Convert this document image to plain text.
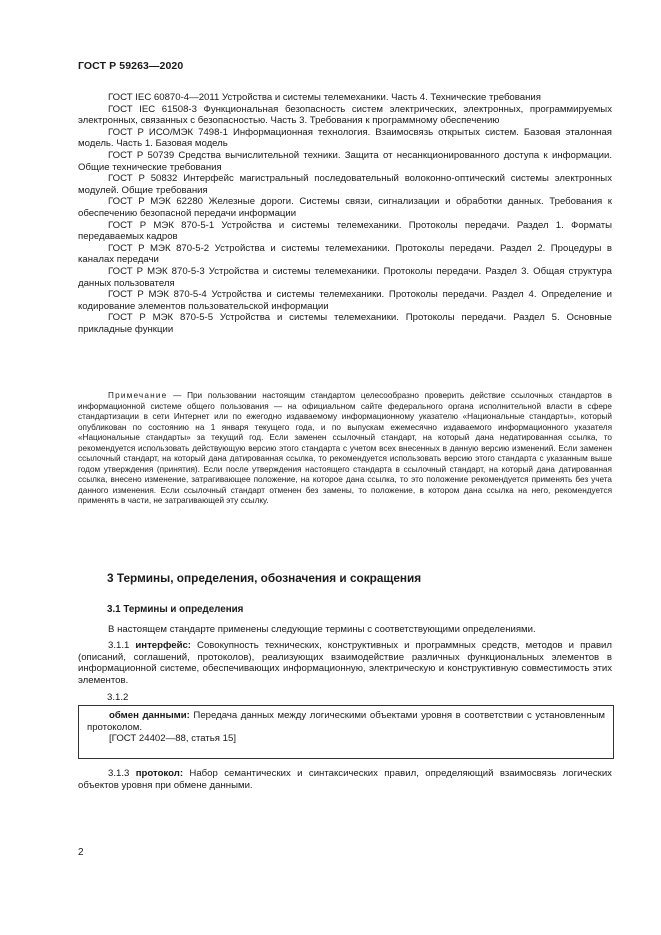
ГОСТ Р 59263—2020

ГОСТ IEC 60870-4—2011 Устройства и системы телемеханики. Часть 4. Технические требования

ГОСТ IEC 61508-3 Функциональная безопасность систем электрических, электронных, программируемых электронных, связанных с безопасностью. Часть 3. Требования к программному обеспечению

ГОСТ Р ИСО/МЭК 7498-1 Информационная технология. Взаимосвязь открытых систем. Базовая эталонная модель. Часть 1. Базовая модель

ГОСТ Р 50739 Средства вычислительной техники. Защита от несанкционированного доступа к информации. Общие технические требования

ГОСТ Р 50832 Интерфейс магистральный последовательный волоконно-оптический системы электронных модулей. Общие требования

ГОСТ Р МЭК 62280 Железные дороги. Системы связи, сигнализации и обработки данных. Требования к обеспечению безопасной передачи информации

ГОСТ Р МЭК 870-5-1 Устройства и системы телемеханики. Протоколы передачи. Раздел 1. Форматы передаваемых кадров

ГОСТ Р МЭК 870-5-2 Устройства и системы телемеханики. Протоколы передачи. Раздел 2. Процедуры в каналах передачи

ГОСТ Р МЭК 870-5-3 Устройства и системы телемеханики. Протоколы передачи. Раздел 3. Общая структура данных пользователя

ГОСТ Р МЭК 870-5-4 Устройства и системы телемеханики. Протоколы передачи. Раздел 4. Определение и кодирование элементов пользовательской информации

ГОСТ Р МЭК 870-5-5 Устройства и системы телемеханики. Протоколы передачи. Раздел 5. Основные прикладные функции

Примечание — При пользовании настоящим стандартом целесообразно проверить действие ссылочных стандартов в информационной системе общего пользования — на официальном сайте федерального органа исполнительной власти в сфере стандартизации в сети Интернет или по ежегодно издаваемому информационному указателю «Национальные стандарты», который опубликован по состоянию на 1 января текущего года, и по выпускам ежемесячно издаваемого информационного указателя «Национальные стандарты» за текущий год. Если заменен ссылочный стандарт, на который дана недатированная ссылка, то рекомендуется использовать действующую версию этого стандарта с учетом всех внесенных в данную версию изменений. Если заменен ссылочный стандарт, на который дана датированная ссылка, то рекомендуется использовать версию этого стандарта с указанным выше годом утверждения (принятия). Если после утверждения настоящего стандарта в ссылочный стандарт, на который дана датированная ссылка, внесено изменение, затрагивающее положение, на которое дана ссылка, то это положение рекомендуется применять без учета данного изменения. Если ссылочный стандарт отменен без замены, то положение, в котором дана ссылка на него, рекомендуется применять в части, не затрагивающей эту ссылку.

3 Термины, определения, обозначения и сокращения
3.1 Термины и определения

В настоящем стандарте применены следующие термины с соответствующими определениями.

3.1.1 интерфейс: Совокупность технических, конструктивных и программных средств, методов и правил (описаний, соглашений, протоколов), реализующих взаимодействие различных функциональных элементов в информационной системе, обеспечивающих информационную, электрическую и конструктивную совместимость этих элементов.

3.1.2

обмен данными: Передача данных между логическими объектами уровня в соответствии с установленным протоколом.

[ГОСТ 24402—88, статья 15]

3.1.3 протокол: Набор семантических и синтаксических правил, определяющий взаимосвязь логических объектов уровня при обмене данными.

2
